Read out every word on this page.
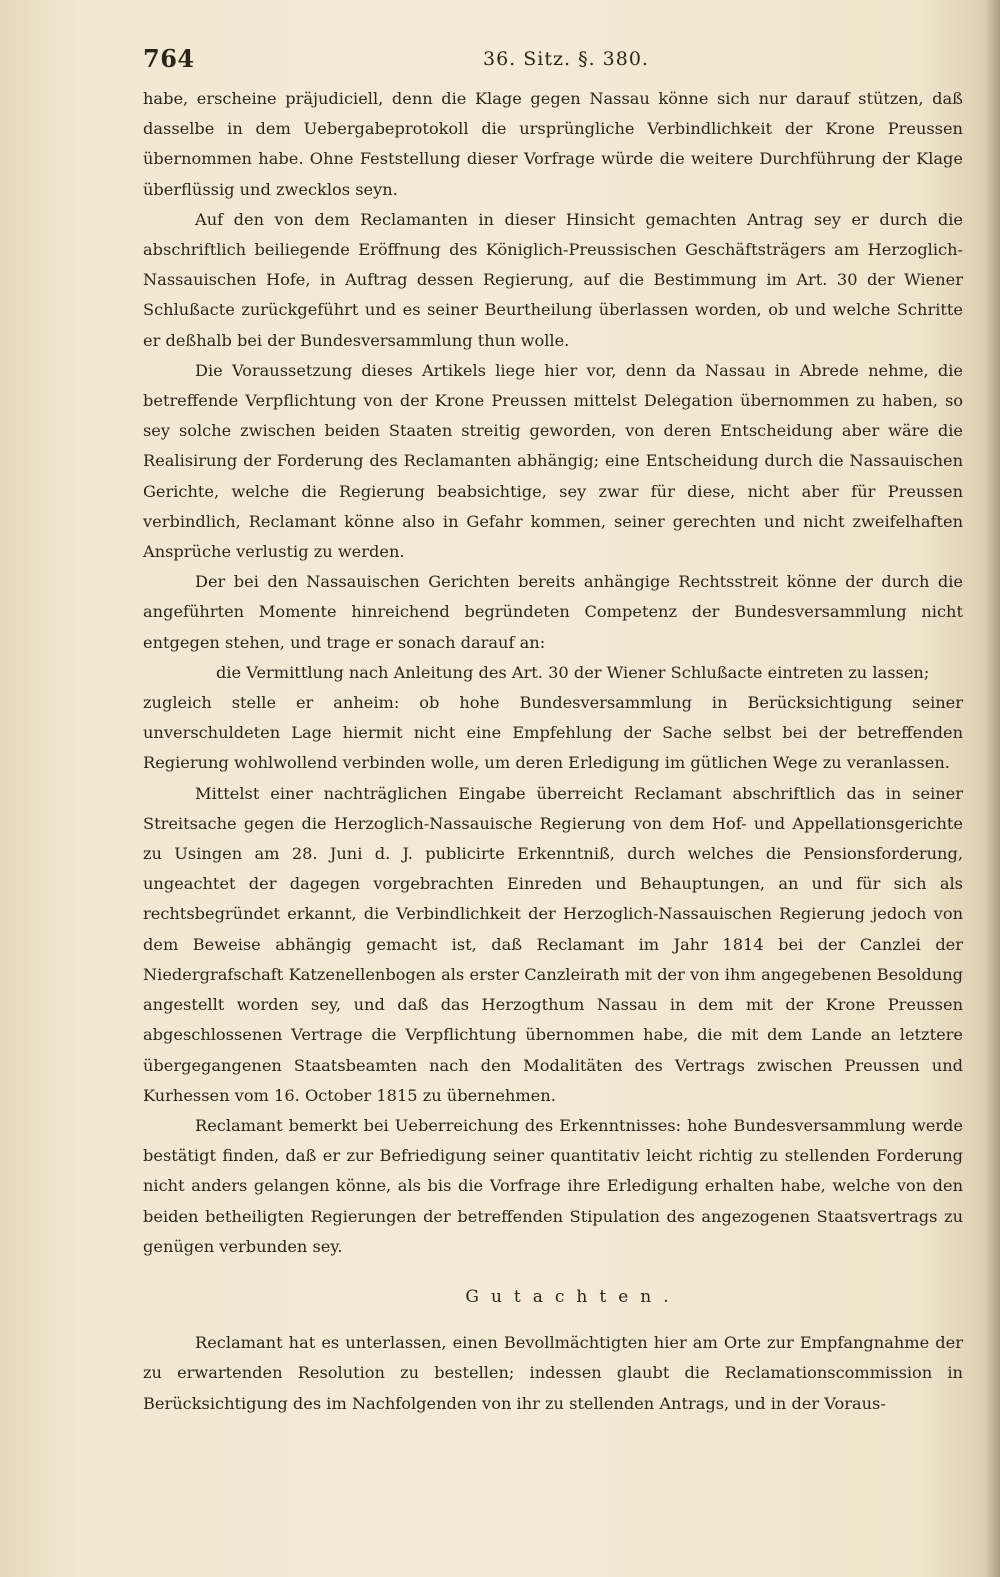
764	36. Sitz. §. 380.

habe, erscheine präjudiciell, denn die Klage gegen Nassau könne sich nur darauf stützen, daß dasselbe in dem Uebergabeprotokoll die ursprüngliche Verbindlichkeit der Krone Preussen übernommen habe. Ohne Feststellung dieser Vorfrage würde die weitere Durchführung der Klage überflüssig und zwecklos seyn.

Auf den von dem Reclamanten in dieser Hinsicht gemachten Antrag sey er durch die abschriftlich beiliegende Eröffnung des Königlich-Preussischen Geschäftsträgers am Herzoglich-Nassauischen Hofe, in Auftrag dessen Regierung, auf die Bestimmung im Art. 30 der Wiener Schlußacte zurückgeführt und es seiner Beurtheilung überlassen worden, ob und welche Schritte er deßhalb bei der Bundesversammlung thun wolle.

Die Voraussetzung dieses Artikels liege hier vor, denn da Nassau in Abrede nehme, die betreffende Verpflichtung von der Krone Preussen mittelst Delegation übernommen zu haben, so sey solche zwischen beiden Staaten streitig geworden, von deren Entscheidung aber wäre die Realisirung der Forderung des Reclamanten abhängig; eine Entscheidung durch die Nassauischen Gerichte, welche die Regierung beabsichtige, sey zwar für diese, nicht aber für Preussen verbindlich, Reclamant könne also in Gefahr kommen, seiner gerechten und nicht zweifelhaften Ansprüche verlustig zu werden.

Der bei den Nassauischen Gerichten bereits anhängige Rechtsstreit könne der durch die angeführten Momente hinreichend begründeten Competenz der Bundesversammlung nicht entgegen stehen, und trage er sonach darauf an:

die Vermittlung nach Anleitung des Art. 30 der Wiener Schlußacte eintreten zu lassen;

zugleich stelle er anheim: ob hohe Bundesversammlung in Berücksichtigung seiner unverschuldeten Lage hiermit nicht eine Empfehlung der Sache selbst bei der betreffenden Regierung wohlwollend verbinden wolle, um deren Erledigung im gütlichen Wege zu veranlassen.

Mittelst einer nachträglichen Eingabe überreicht Reclamant abschriftlich das in seiner Streitsache gegen die Herzoglich-Nassauische Regierung von dem Hof- und Appellationsgerichte zu Usingen am 28. Juni d. J. publicirte Erkenntniß, durch welches die Pensionsforderung, ungeachtet der dagegen vorgebrachten Einreden und Behauptungen, an und für sich als rechtsbegründet erkannt, die Verbindlichkeit der Herzoglich-Nassauischen Regierung jedoch von dem Beweise abhängig gemacht ist, daß Reclamant im Jahr 1814 bei der Canzlei der Niedergrafschaft Katzenellenbogen als erster Canzleirath mit der von ihm angegebenen Besoldung angestellt worden sey, und daß das Herzogthum Nassau in dem mit der Krone Preussen abgeschlossenen Vertrage die Verpflichtung übernommen habe, die mit dem Lande an letztere übergegangenen Staatsbeamten nach den Modalitäten des Vertrags zwischen Preussen und Kurhessen vom 16. October 1815 zu übernehmen.

Reclamant bemerkt bei Ueberreichung des Erkenntnisses: hohe Bundesversammlung werde bestätigt finden, daß er zur Befriedigung seiner quantitativ leicht richtig zu stellenden Forderung nicht anders gelangen könne, als bis die Vorfrage ihre Erledigung erhalten habe, welche von den beiden betheiligten Regierungen der betreffenden Stipulation des angezogenen Staatsvertrags zu genügen verbunden sey.

Gutachten.

Reclamant hat es unterlassen, einen Bevollmächtigten hier am Orte zur Empfangnahme der zu erwartenden Resolution zu bestellen; indessen glaubt die Reclamationscommission in Berücksichtigung des im Nachfolgenden von ihr zu stellenden Antrags, und in der Voraus-
